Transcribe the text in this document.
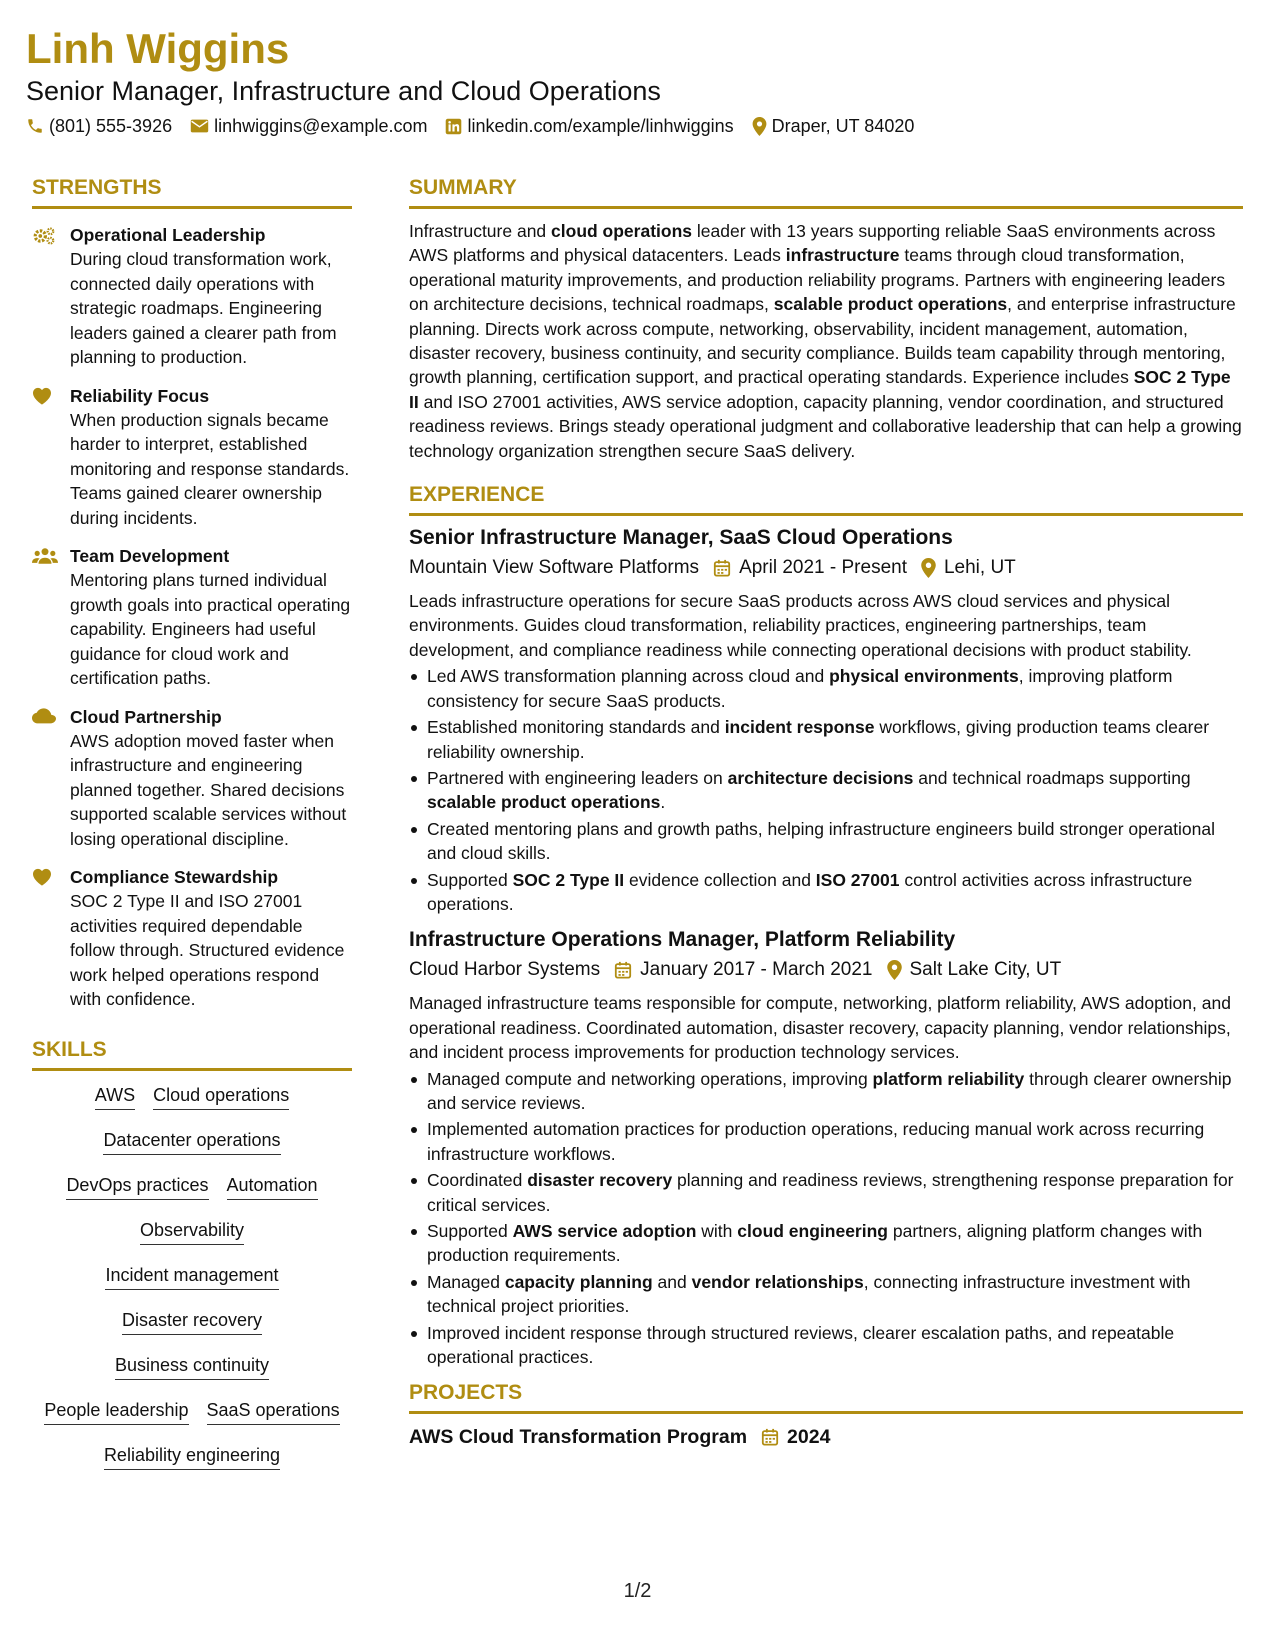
Linh Wiggins
Senior Manager, Infrastructure and Cloud Operations
(801) 555-3926 linhwiggins@example.com linkedin.com/example/linhwiggins Draper, UT 84020
STRENGTHS
Operational Leadership
During cloud transformation work, connected daily operations with strategic roadmaps. Engineering leaders gained a clearer path from planning to production.
Reliability Focus
When production signals became harder to interpret, established monitoring and response standards. Teams gained clearer ownership during incidents.
Team Development
Mentoring plans turned individual growth goals into practical operating capability. Engineers had useful guidance for cloud work and certification paths.
Cloud Partnership
AWS adoption moved faster when infrastructure and engineering planned together. Shared decisions supported scalable services without losing operational discipline.
Compliance Stewardship
SOC 2 Type II and ISO 27001 activities required dependable follow through. Structured evidence work helped operations respond with confidence.
SKILLS
AWS Cloud operations
Datacenter operations
DevOps practices Automation
Observability
Incident management
Disaster recovery
Business continuity
People leadership SaaS operations
Reliability engineering
SUMMARY
Infrastructure and cloud operations leader with 13 years supporting reliable SaaS environments across AWS platforms and physical datacenters. Leads infrastructure teams through cloud transformation, operational maturity improvements, and production reliability programs. Partners with engineering leaders on architecture decisions, technical roadmaps, scalable product operations, and enterprise infrastructure planning. Directs work across compute, networking, observability, incident management, automation, disaster recovery, business continuity, and security compliance. Builds team capability through mentoring, growth planning, certification support, and practical operating standards. Experience includes SOC 2 Type II and ISO 27001 activities, AWS service adoption, capacity planning, vendor coordination, and structured readiness reviews. Brings steady operational judgment and collaborative leadership that can help a growing technology organization strengthen secure SaaS delivery.
EXPERIENCE
Senior Infrastructure Manager, SaaS Cloud Operations
Mountain View Software Platforms April 2021 - Present Lehi, UT
Leads infrastructure operations for secure SaaS products across AWS cloud services and physical environments. Guides cloud transformation, reliability practices, engineering partnerships, team development, and compliance readiness while connecting operational decisions with product stability.
Led AWS transformation planning across cloud and physical environments, improving platform consistency for secure SaaS products.
Established monitoring standards and incident response workflows, giving production teams clearer reliability ownership.
Partnered with engineering leaders on architecture decisions and technical roadmaps supporting scalable product operations.
Created mentoring plans and growth paths, helping infrastructure engineers build stronger operational and cloud skills.
Supported SOC 2 Type II evidence collection and ISO 27001 control activities across infrastructure operations.
Infrastructure Operations Manager, Platform Reliability
Cloud Harbor Systems January 2017 - March 2021 Salt Lake City, UT
Managed infrastructure teams responsible for compute, networking, platform reliability, AWS adoption, and operational readiness. Coordinated automation, disaster recovery, capacity planning, vendor relationships, and incident process improvements for production technology services.
Managed compute and networking operations, improving platform reliability through clearer ownership and service reviews.
Implemented automation practices for production operations, reducing manual work across recurring infrastructure workflows.
Coordinated disaster recovery planning and readiness reviews, strengthening response preparation for critical services.
Supported AWS service adoption with cloud engineering partners, aligning platform changes with production requirements.
Managed capacity planning and vendor relationships, connecting infrastructure investment with technical project priorities.
Improved incident response through structured reviews, clearer escalation paths, and repeatable operational practices.
PROJECTS
AWS Cloud Transformation Program 2024
1/2
